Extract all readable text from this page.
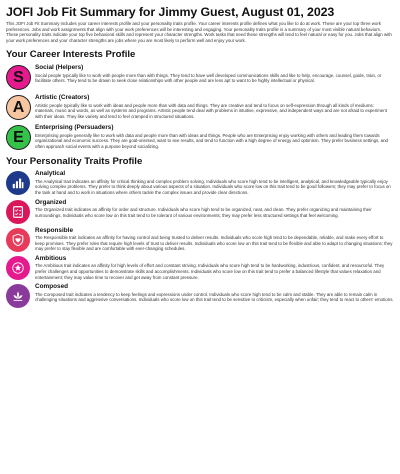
JOFI Job Fit Summary for Jimmy Guest, August 01, 2023
This JOFI Job Fit Summary includes your career interests profile and your personality traits profile. Your career interests profile defines what you like to do at work. These are your top three work preferences. Jobs and work assignments that align with your work preferences will be interesting and engaging. Your personality traits profile is a summary of your most visible natural behaviors. These personality traits indicate your top five behavioral skills and represent your character strengths. Work tasks that need these strengths will tend to feel natural or easy for you. Jobs that align with your work preferences and your character strengths are jobs where you are most likely to perform well and enjoy your work.
Your Career Interests Profile
S
Social (Helpers)
Social people typically like to work with people more than with things. They tend to have well developed communications skills and like to help, encourage, counsel, guide, train, or facilitate others. They tend to be drawn to seek close relationships with other people and are less apt to want to be highly intellectual or physical.
A
Artistic (Creators)
Artistic people typically like to work with ideas and people more than with data and things. They are creative and tend to focus on self-expression through all kinds of mediums: materials, music and words, as well as systems and programs. Artistic people tend deal with problems in intuitive, expressive, and independent ways and are not afraid to experiment with their ideas. They like variety and tend to feel cramped in structured situations.
E
Enterprising (Persuaders)
Enterprising people generally like to work with data and people more than with ideas and things. People who are Enterprising enjoy working with others and leading them towards organizational and economic success. They are goal-oriented, want to see results, and tend to function with a high degree of energy and optimism. They prefer business settings, and often approach social events with a purpose beyond socializing.
Your Personality Traits Profile
Analytical
The Analytical trait indicates an affinity for critical thinking and complex problem solving. Individuals who score high tend to be intelligent, analytical, and knowledgeable typically enjoy solving complex problems. They prefer to think deeply about various aspects of a situation. Individuals who score low on this trait tend to be good followers; they may prefer to focus on the task at hand and to work in situations where others tackle the complex issues and provide clear directions.
Organized
The Organized trait indicates an affinity for order and structure. Individuals who score high tend to be organized, neat, and clean. They prefer organizing and maintaining their surroundings. Individuals who score low on this trait tend to be tolerant of various environments; they may prefer less structured settings that feel welcoming.
Responsible
The Responsible trait indicates an affinity for having control and being trusted to deliver results. Individuals who score high tend to be dependable, reliable, and make every effort to keep promises. They prefer roles that require high levels of trust to deliver results. Individuals who score low on this trait tend to be flexible and able to adapt to changing situations; they may prefer to stay flexible and are comfortable with ever-changing schedules.
Ambitious
The Ambitious trait indicates an affinity for high levels of effort and constant striving. Individuals who score high tend to be hardworking, industrious, confident, and resourceful. They prefer challenges and opportunities to demonstrate skills and accomplishments. Individuals who score low on this trait tend to prefer a balanced lifestyle that values relaxation and entertainment; they may value time to recover and get away from constant pressure.
Composed
The Composed trait indicates a tendency to keep feelings and expressions under control. Individuals who score high tend to be calm and stable. They are able to remain calm in challenging situations and aggressive conversations. Individuals who score low on this trait tend to be sensitive to criticism, especially when unfair; they tend to react to others' emotions.
